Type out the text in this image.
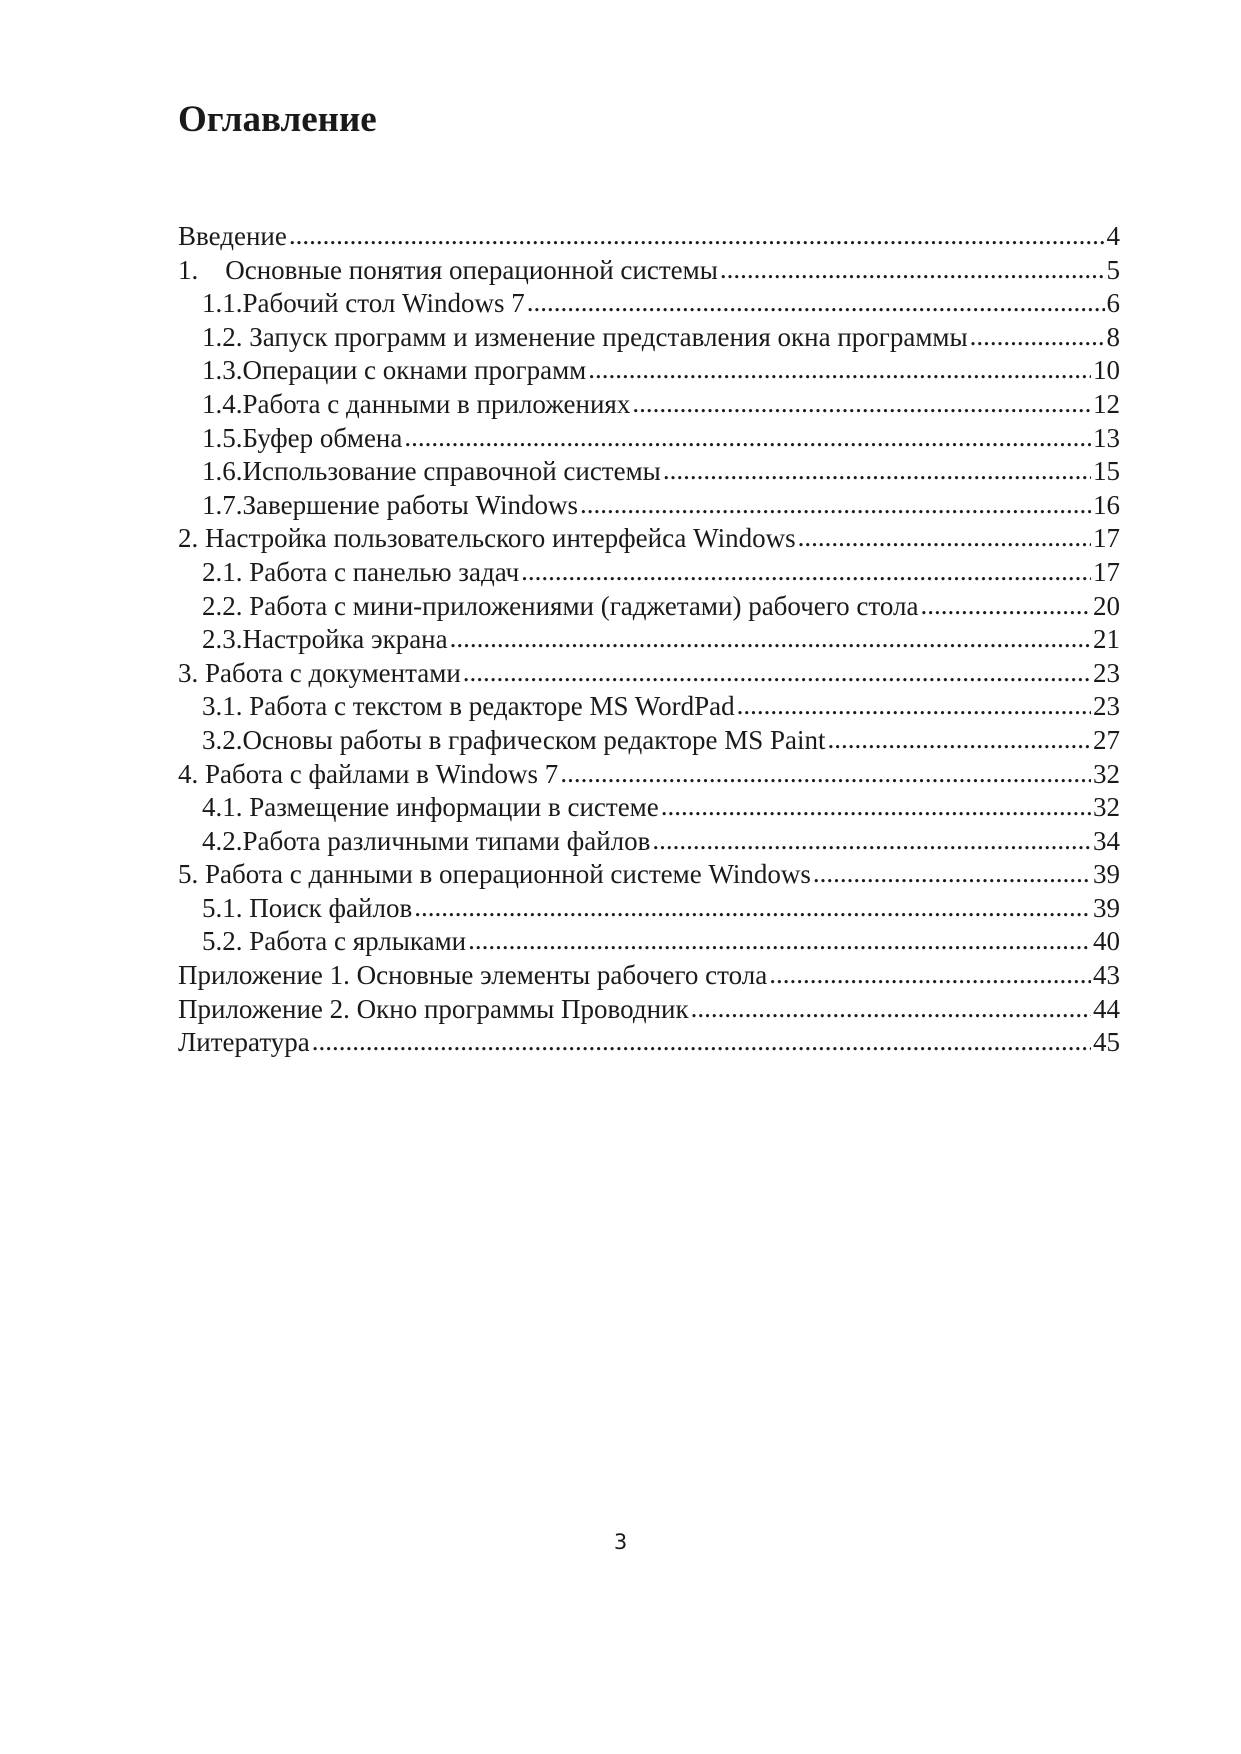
Оглавление
Введение .....	4
1.    Основные понятия операционной системы .....	5
1.1.Рабочий стол Windows 7 .....	6
1.2. Запуск программ и изменение представления окна программы .....	8
1.3.Операции с окнами программ .....	10
1.4.Работа с данными в приложениях .....	12
1.5.Буфер обмена .....	13
1.6.Использование справочной системы .....	15
1.7.Завершение работы Windows .....	16
2. Настройка пользовательского интерфейса Windows .....	17
2.1. Работа с панелью задач .....	17
2.2. Работа с мини-приложениями (гаджетами) рабочего стола .....	20
2.3.Настройка экрана .....	21
3. Работа с документами .....	23
3.1. Работа с текстом в редакторе MS WordPad .....	23
3.2.Основы работы в графическом редакторе MS Paint .....	27
4. Работа с файлами в Windows 7 .....	32
4.1. Размещение информации в системе .....	32
4.2.Работа различными типами файлов .....	34
5. Работа с данными в операционной системе Windows .....	39
5.1. Поиск файлов .....	39
5.2. Работа с ярлыками .....	40
Приложение 1. Основные элементы рабочего стола .....	43
Приложение 2. Окно программы Проводник .....	44
Литература .....	45

3
